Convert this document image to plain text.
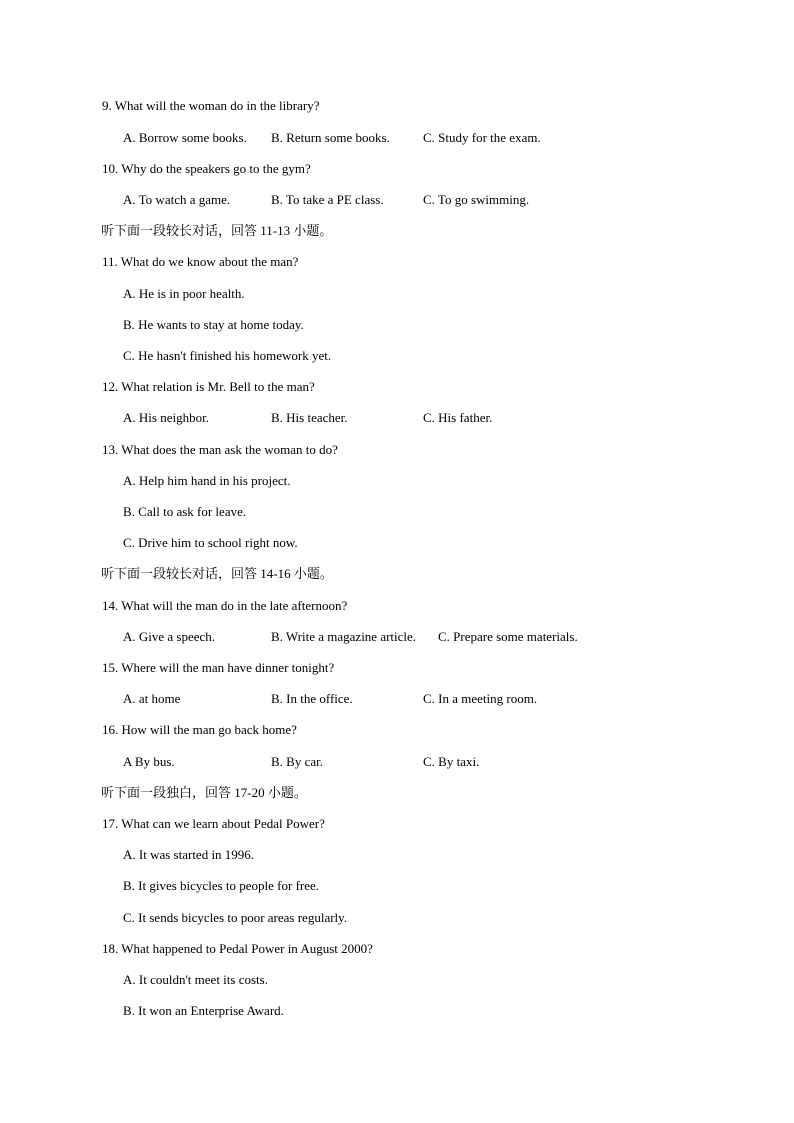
9. What will the woman do in the library?
A. Borrow some books. B. Return some books.	C. Study for the exam.
10. Why do the speakers go to the gym?
A. To watch a game.	B. To take a PE class.	C. To go swimming.
听下面一段较长对话，回答 11-13 小题。
11. What do we know about the man?
A. He is in poor health.
B. He wants to stay at home today.
C. He hasn't finished his homework yet.
12. What relation is Mr. Bell to the man?
A. His neighbor.	B. His teacher.	C. His father.
13. What does the man ask the woman to do?
A. Help him hand in his project.
B. Call to ask for leave.
C. Drive him to school right now.
听下面一段较长对话，回答 14-16 小题。
14. What will the man do in the late afternoon?
A. Give a speech.	B. Write a magazine article. C. Prepare some materials.
15. Where will the man have dinner tonight?
A. at home	B. In the office.	C. In a meeting room.
16. How will the man go back home?
A By bus.	B. By car.	C. By taxi.
听下面一段独白，回答 17-20 小题。
17. What can we learn about Pedal Power?
A. It was started in 1996.
B. It gives bicycles to people for free.
C. It sends bicycles to poor areas regularly.
18. What happened to Pedal Power in August 2000?
A. It couldn't meet its costs.
B. It won an Enterprise Award.
